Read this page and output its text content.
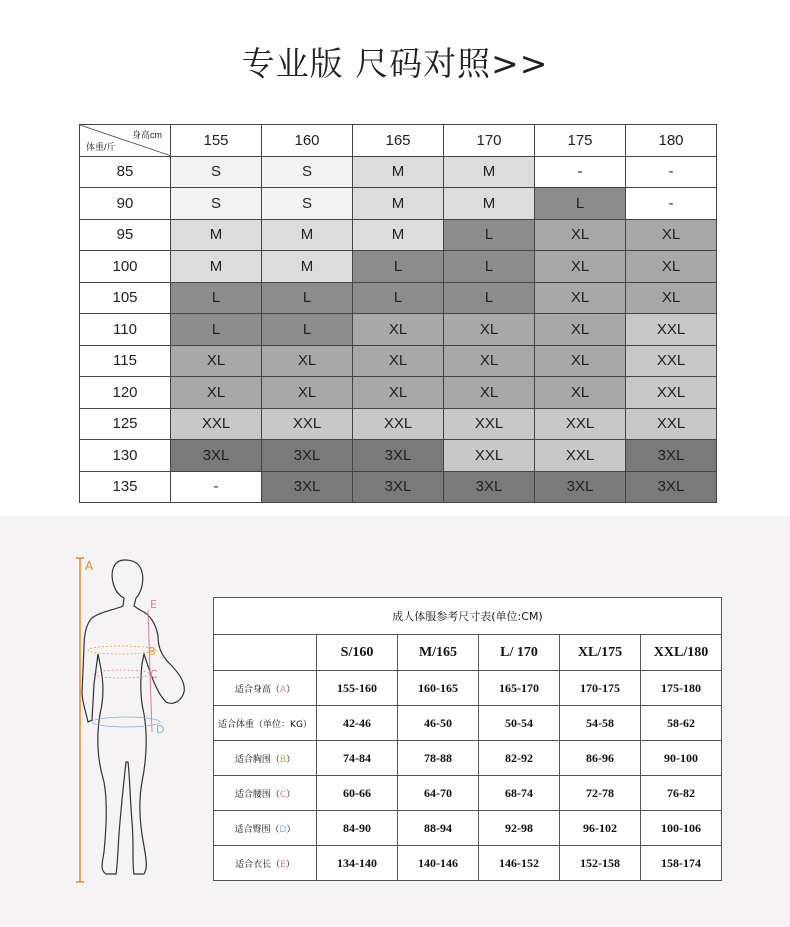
专业版 尺码对照>>
身高cm
体重/斤	155	160	165	170	175	180
85	S	S	M	M	-	-
90	S	S	M	M	L	-
95	M	M	M	L	XL	XL
100	M	M	L	L	XL	XL
105	L	L	L	L	XL	XL
110	L	L	XL	XL	XL	XXL
115	XL	XL	XL	XL	XL	XXL
120	XL	XL	XL	XL	XL	XXL
125	XXL	XXL	XXL	XXL	XXL	XXL
130	3XL	3XL	3XL	XXL	XXL	3XL
135	-	3XL	3XL	3XL	3XL	3XL
A
E
B
C
D
成人体服参考尺寸表(单位:CM)					
	S/160	M/165	L/ 170	XL/175	XXL/180
适合身高（A）	155-160	160-165	165-170	170-175	175-180
适合体重（单位：KG）	42-46	46-50	50-54	54-58	58-62
适合胸围（B）	74-84	78-88	82-92	86-96	90-100
适合腰围（C）	60-66	64-70	68-74	72-78	76-82
适合臀围（D）	84-90	88-94	92-98	96-102	100-106
适合衣长（E）	134-140	140-146	146-152	152-158	158-174
